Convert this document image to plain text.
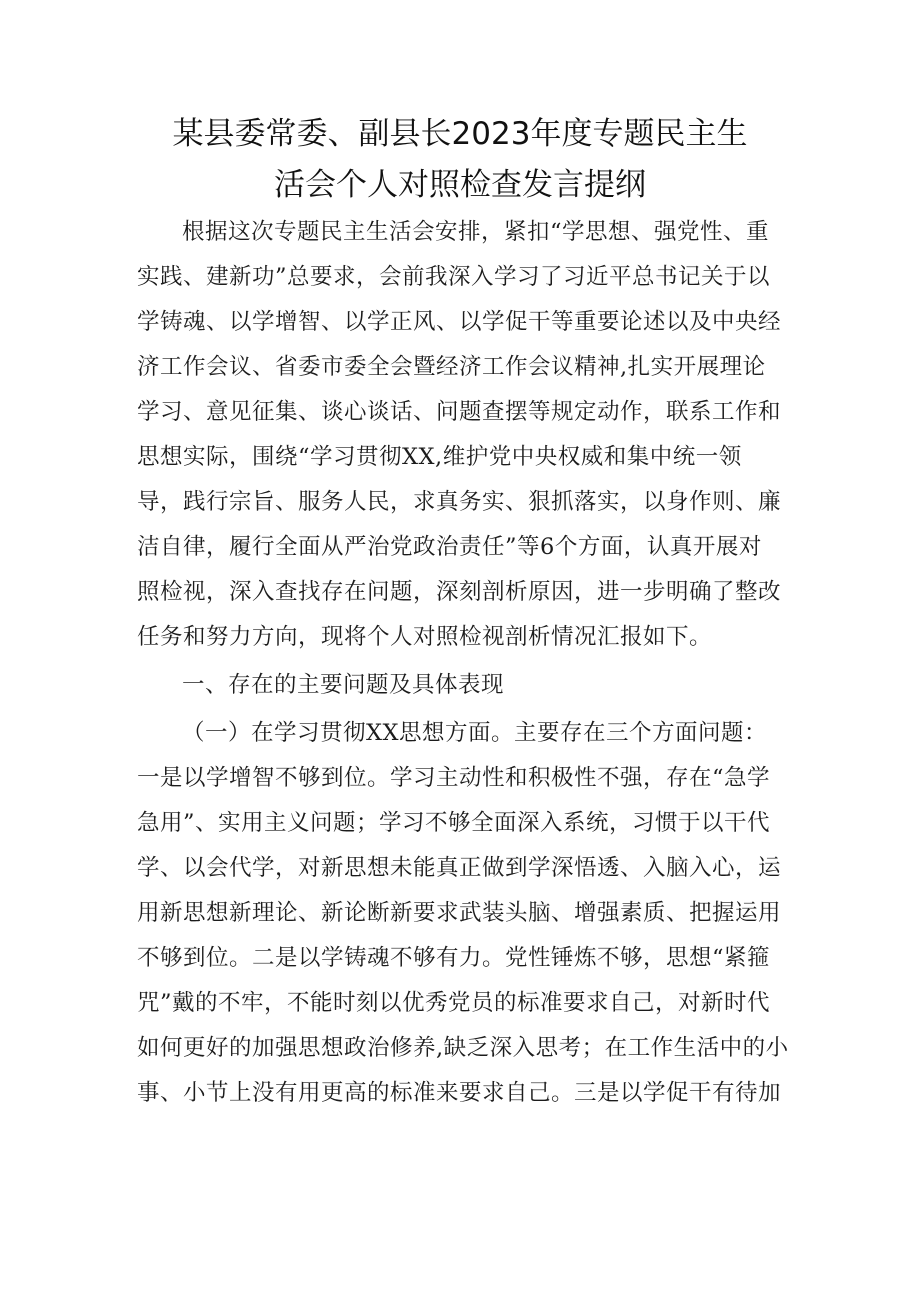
某县委常委、副县长2023年度专题民主生
活会个人对照检查发言提纲
根据这次专题民主生活会安排，紧扣“学思想、强党性、重
实践、建新功”总要求，会前我深入学习了习近平总书记关于以
学铸魂、以学增智、以学正风、以学促干等重要论述以及中央经
济工作会议、省委市委全会暨经济工作会议精神,扎实开展理论
学习、意见征集、谈心谈话、问题查摆等规定动作，联系工作和
思想实际，围绕“学习贯彻XX,维护党中央权威和集中统一领
导，践行宗旨、服务人民，求真务实、狠抓落实，以身作则、廉
洁自律，履行全面从严治党政治责任”等6个方面，认真开展对
照检视，深入查找存在问题，深刻剖析原因，进一步明确了整改
任务和努力方向，现将个人对照检视剖析情况汇报如下。
一、存在的主要问题及具体表现
（一）在学习贯彻XX思想方面。主要存在三个方面问题：
一是以学增智不够到位。学习主动性和积极性不强，存在“急学
急用”、实用主义问题；学习不够全面深入系统，习惯于以干代
学、以会代学，对新思想未能真正做到学深悟透、入脑入心，运
用新思想新理论、新论断新要求武装头脑、增强素质、把握运用
不够到位。二是以学铸魂不够有力。党性锤炼不够，思想“紧箍
咒”戴的不牢，不能时刻以优秀党员的标准要求自己，对新时代
如何更好的加强思想政治修养,缺乏深入思考；在工作生活中的小
事、小节上没有用更高的标准来要求自己。三是以学促干有待加
